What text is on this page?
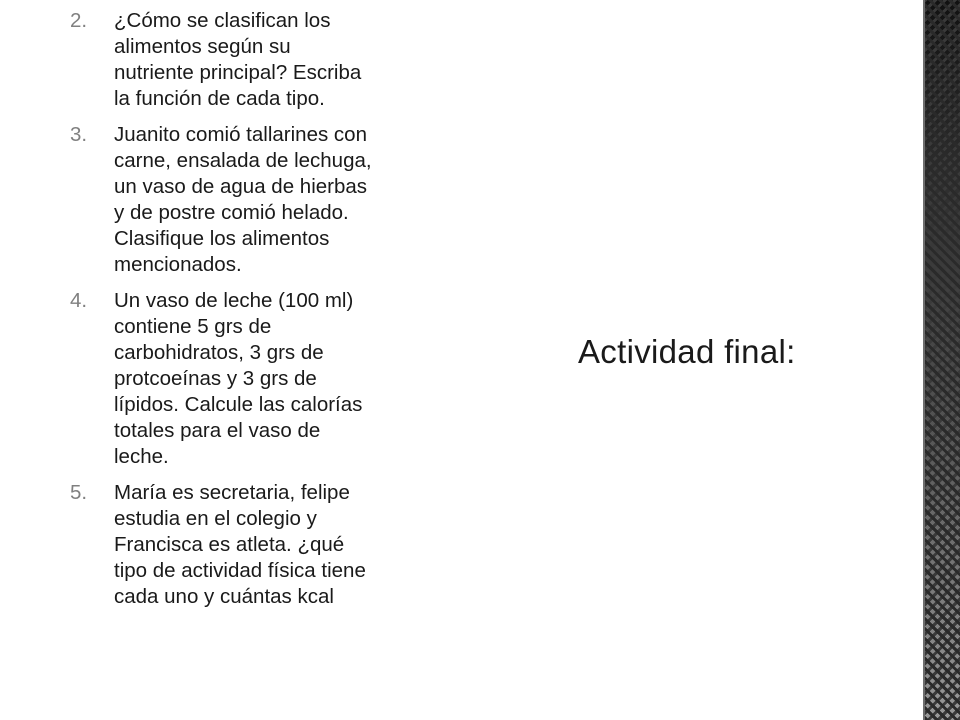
2. ¿Cómo se clasifican los
alimentos según su
nutriente principal? Escriba
la función de cada tipo.
3. Juanito comió tallarines con
carne, ensalada de lechuga,
un vaso de agua de hierbas
y de postre comió helado.
Clasifique los alimentos
mencionados.
4. Un vaso de leche (100 ml)
contiene 5 grs de
carbohidratos, 3 grs de
protcoeínas y 3 grs de
lípidos. Calcule las calorías
totales para el vaso de
leche.
5. María es secretaria, felipe
estudia en el colegio y
Francisca es atleta. ¿qué
tipo de actividad física tiene
cada uno y cuántas kcal
Actividad final:
